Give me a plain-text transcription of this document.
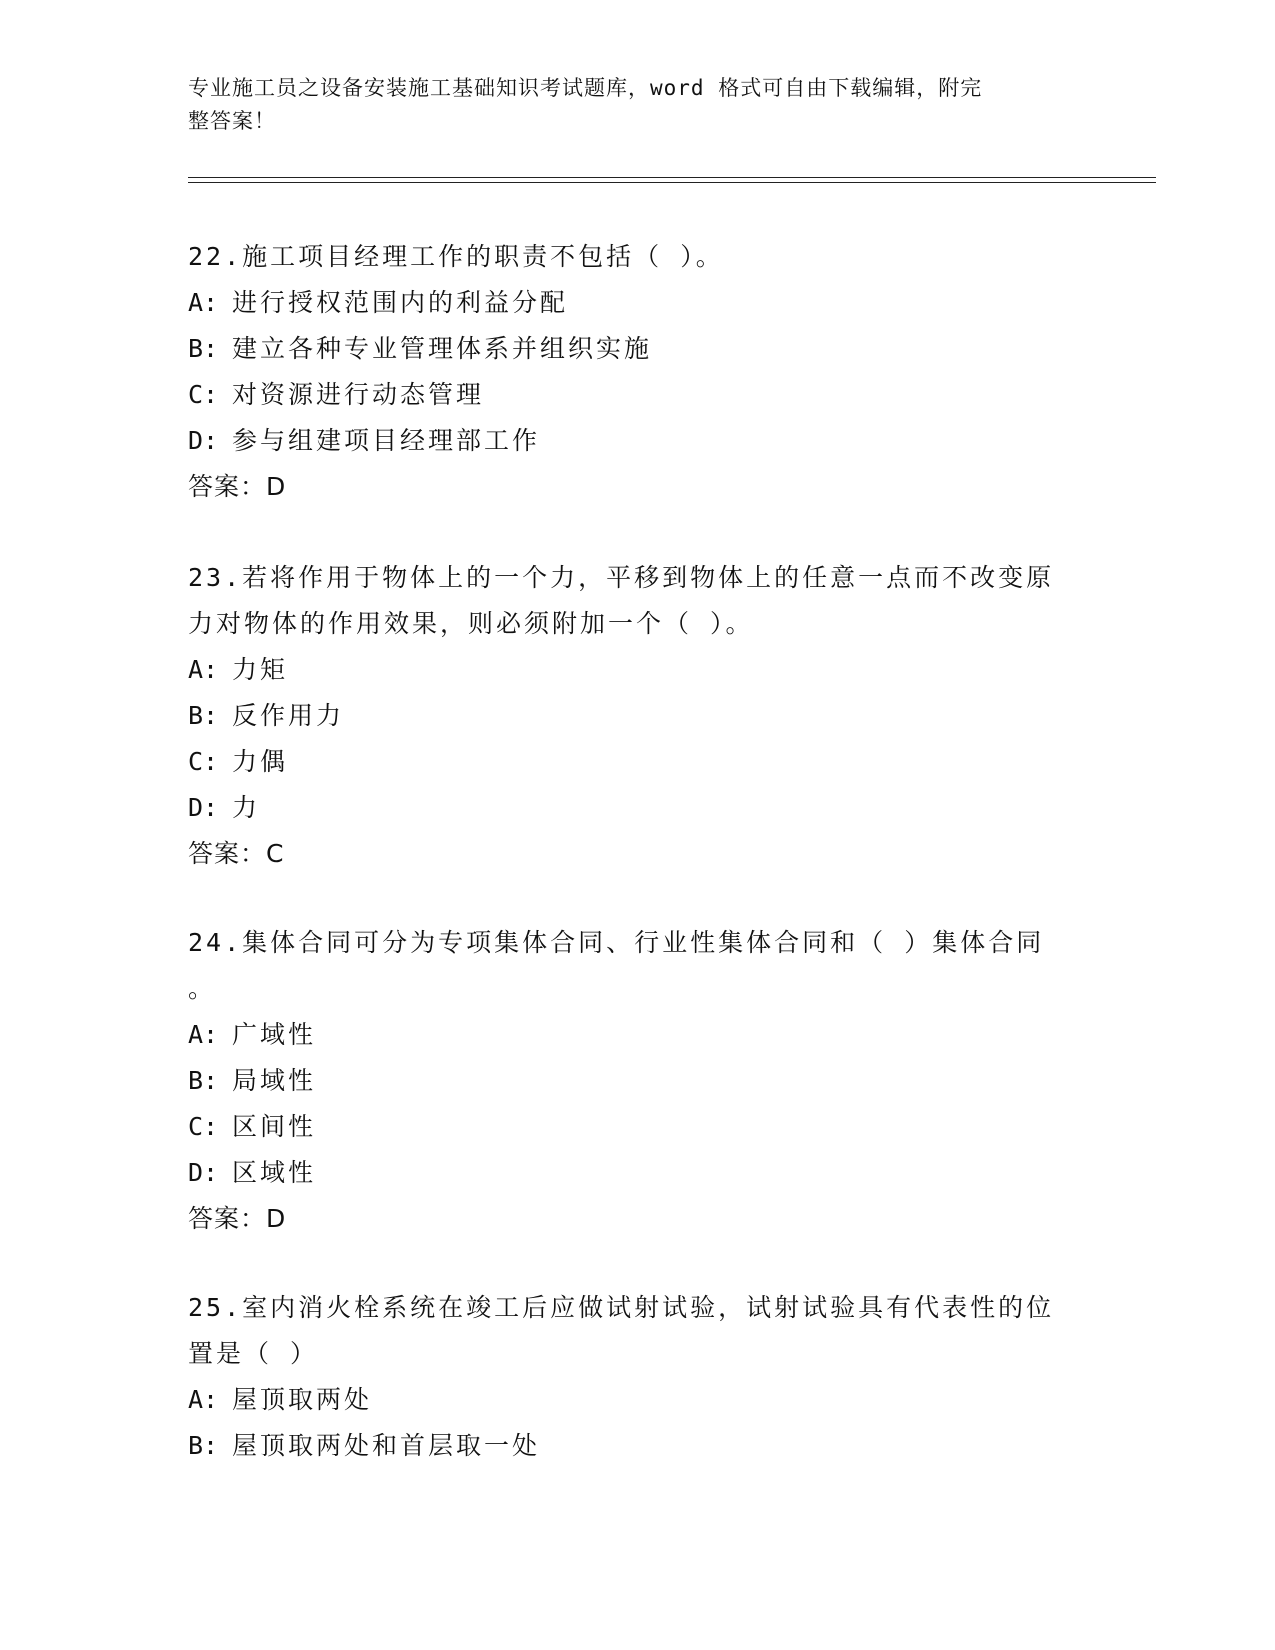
专业施工员之设备安装施工基础知识考试题库，word 格式可自由下载编辑，附完
整答案！
22.施工项目经理工作的职责不包括（ ）。
A: 进行授权范围内的利益分配
B: 建立各种专业管理体系并组织实施
C: 对资源进行动态管理
D: 参与组建项目经理部工作
答案：D
23.若将作用于物体上的一个力，平移到物体上的任意一点而不改变原
力对物体的作用效果，则必须附加一个（ ）。
A: 力矩
B: 反作用力
C: 力偶
D: 力
答案：C
24.集体合同可分为专项集体合同、行业性集体合同和（ ）集体合同
。
A: 广域性
B: 局域性
C: 区间性
D: 区域性
答案：D
25.室内消火栓系统在竣工后应做试射试验，试射试验具有代表性的位
置是（ ）
A: 屋顶取两处
B: 屋顶取两处和首层取一处
